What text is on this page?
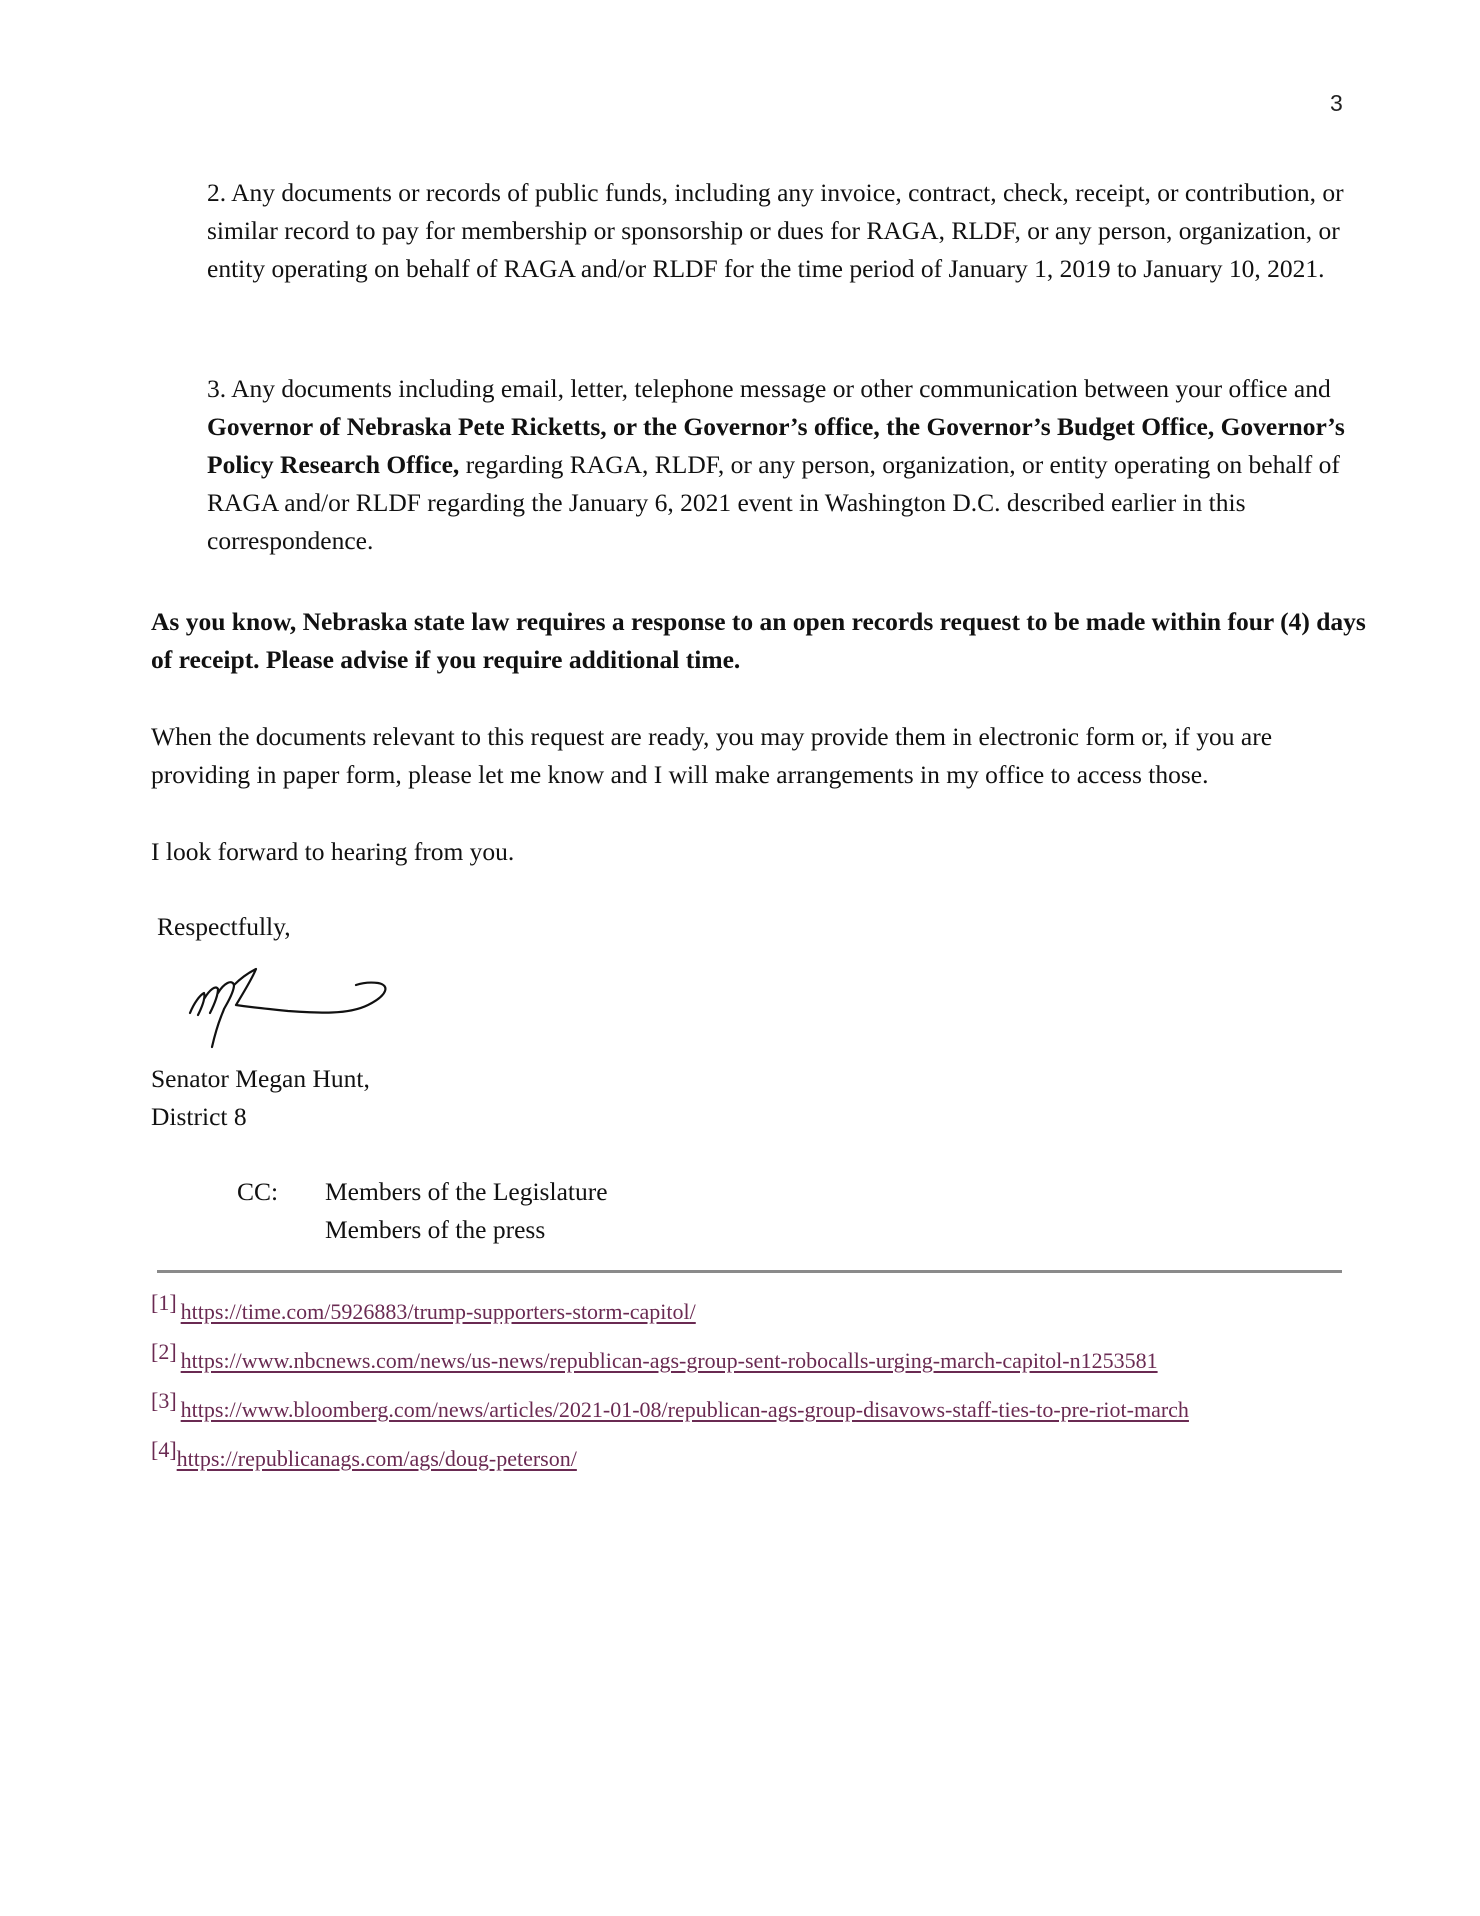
3
2. Any documents or records of public funds, including any invoice, contract, check, receipt, or contribution, or similar record to pay for membership or sponsorship or dues for RAGA, RLDF, or any person, organization, or entity operating on behalf of RAGA and/or RLDF for the time period of January 1, 2019 to January 10, 2021.
3. Any documents including email, letter, telephone message or other communication between your office and Governor of Nebraska Pete Ricketts, or the Governor’s office, the Governor’s Budget Office, Governor’s Policy Research Office, regarding RAGA, RLDF, or any person, organization, or entity operating on behalf of RAGA and/or RLDF regarding the January 6, 2021 event in Washington D.C. described earlier in this correspondence.
As you know, Nebraska state law requires a response to an open records request to be made within four (4) days of receipt. Please advise if you require additional time.
When the documents relevant to this request are ready, you may provide them in electronic form or, if you are providing in paper form, please let me know and I will make arrangements in my office to access those.
I look forward to hearing from you.
Respectfully,
Senator Megan Hunt,
District 8
CC:	Members of the Legislature
Members of the press
[1] https://time.com/5926883/trump-supporters-storm-capitol/
[2] https://www.nbcnews.com/news/us-news/republican-ags-group-sent-robocalls-urging-march-capitol-n1253581
[3] https://www.bloomberg.com/news/articles/2021-01-08/republican-ags-group-disavows-staff-ties-to-pre-riot-march
[4]https://republicanags.com/ags/doug-peterson/
